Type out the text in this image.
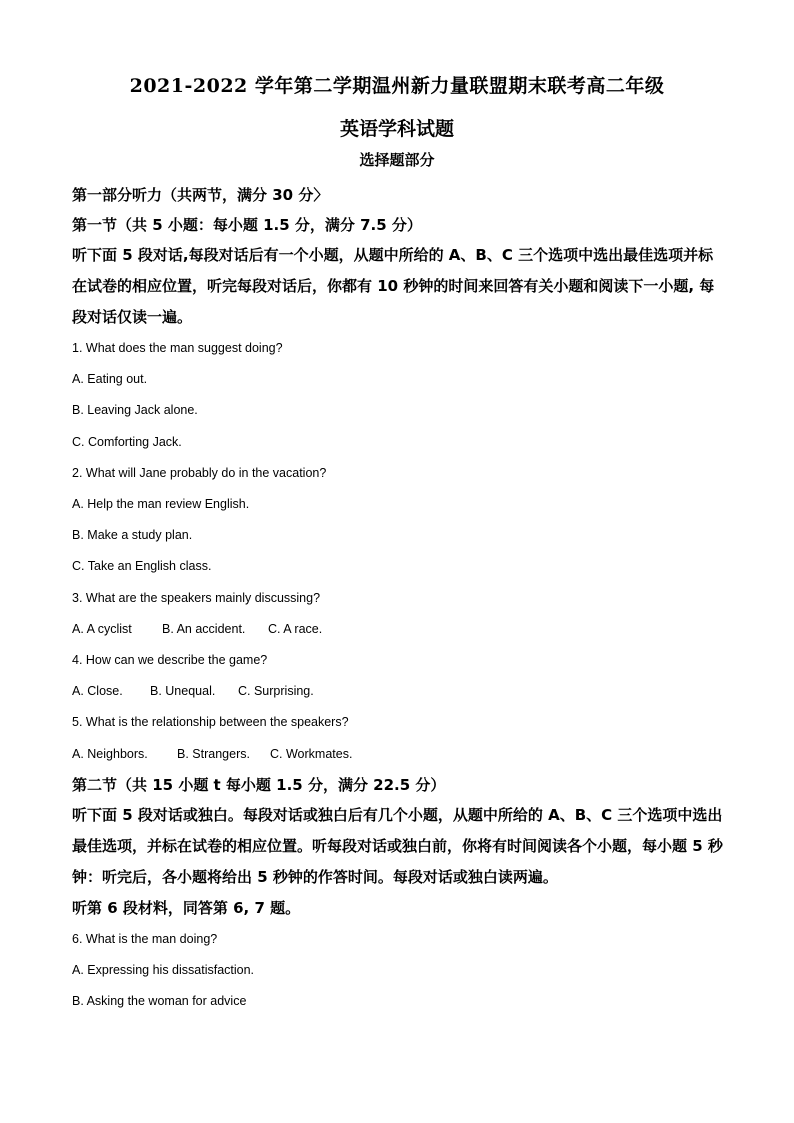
2021-2022 学年第二学期温州新力量联盟期末联考高二年级
英语学科试题
选择题部分

第一部分听力（共两节，满分 30 分〉

第一节（共 5 小题：每小题 1.5 分，满分 7.5 分）

听下面 5 段对话,每段对话后有一个小题，从题中所给的 A、B、C 三个选项中选出最佳选项并标在试卷的相应位置，听完每段对话后，你都有 10 秒钟的时间来回答有关小题和阅读下一小题, 每段对话仅读一遍。

1. What does the man suggest doing?

A. Eating out.

B. Leaving Jack alone.

C. Comforting Jack.

2. What will Jane probably do in the vacation?

A. Help the man review English.

B. Make a study plan.

C. Take an English class.

3. What are the speakers mainly discussing?

A. A cyclist B. An accident. C. A race.

4. How can we describe the game?

A. Close. B. Unequal. C. Surprising.

5. What is the relationship between the speakers?

A. Neighbors. B. Strangers. C. Workmates.

第二节（共 15 小题 t 每小题 1.5 分，满分 22.5 分）

听下面 5 段对话或独白。每段对话或独白后有几个小题，从题中所给的 A、B、C 三个选项中选出最佳选项，并标在试卷的相应位置。听每段对话或独白前，你将有时间阅读各个小题，每小题 5 秒钟：听完后，各小题将给出 5 秒钟的作答时间。每段对话或独白读两遍。

听第 6 段材料，同答第 6, 7 题。

6. What is the man doing?

A. Expressing his dissatisfaction.

B. Asking the woman for advice
